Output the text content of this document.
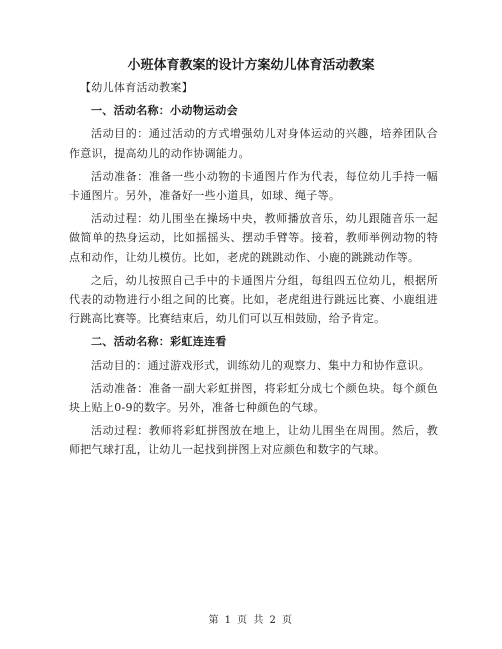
小班体育教案的设计方案幼儿体育活动教案

【幼儿体育活动教案】

一、活动名称：小动物运动会

活动目的：通过活动的方式增强幼儿对身体运动的兴趣，培养团队合作意识，提高幼儿的动作协调能力。

活动准备：准备一些小动物的卡通图片作为代表，每位幼儿手持一幅卡通图片。另外，准备好一些小道具，如球、绳子等。

活动过程：幼儿围坐在操场中央，教师播放音乐，幼儿跟随音乐一起做简单的热身运动，比如摇摇头、摆动手臂等。接着，教师举例动物的特点和动作，让幼儿模仿。比如，老虎的跳跳动作、小鹿的跳跳动作等。

之后，幼儿按照自己手中的卡通图片分组，每组四五位幼儿，根据所代表的动物进行小组之间的比赛。比如，老虎组进行跳远比赛、小鹿组进行跳高比赛等。比赛结束后，幼儿们可以互相鼓励，给予肯定。

二、活动名称：彩虹连连看

活动目的：通过游戏形式，训练幼儿的观察力、集中力和协作意识。

活动准备：准备一副大彩虹拼图，将彩虹分成七个颜色块。每个颜色块上贴上0-9的数字。另外，准备七种颜色的气球。

活动过程：教师将彩虹拼图放在地上，让幼儿围坐在周围。然后，教师把气球打乱，让幼儿一起找到拼图上对应颜色和数字的气球。

第 1 页 共 2 页
